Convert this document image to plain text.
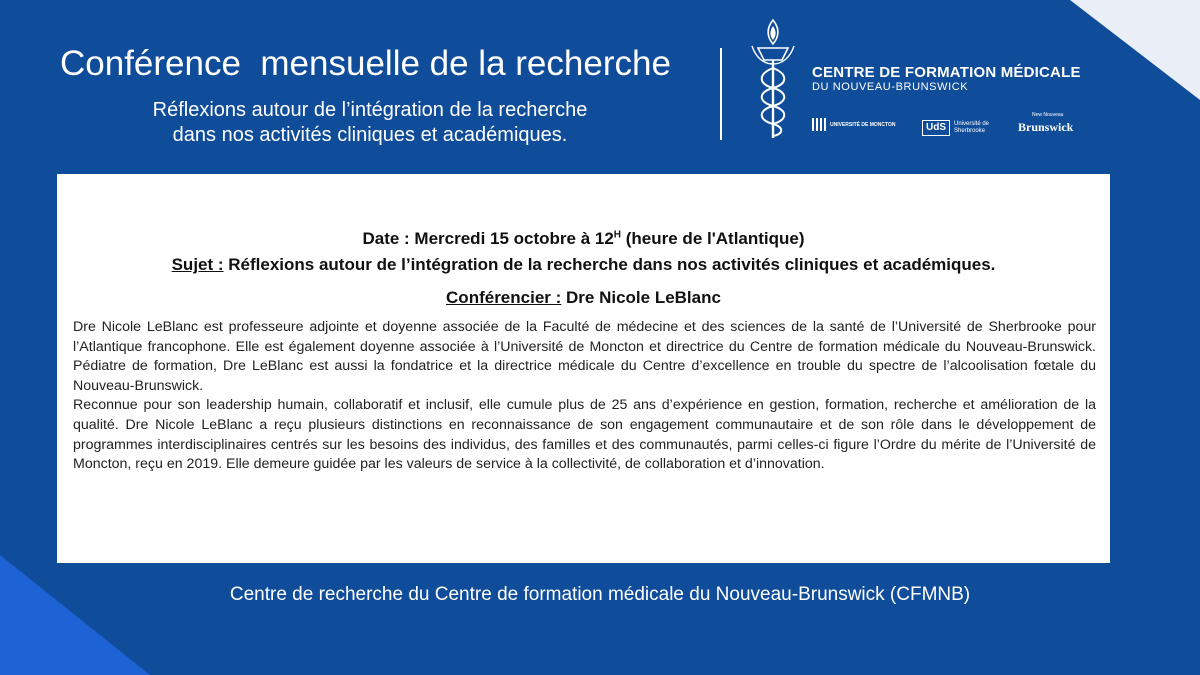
Conférence  mensuelle de la recherche
Réflexions autour de l’intégration de la recherche
dans nos activités cliniques et académiques.
CENTRE DE FORMATION MÉDICALE
DU NOUVEAU-BRUNSWICK
UNIVERSITÉ DE MONCTON	UdS	Université de
Sherbrooke
New Nouveau
Brunswick
Date : Mercredi 15 octobre à $12^H$ (heure de l'Atlantique)
Sujet : Réflexions autour de l’intégration de la recherche dans nos activités cliniques et académiques.
Conférencier : Dre Nicole LeBlanc

Dre Nicole LeBlanc est professeure adjointe et doyenne associée de la Faculté de médecine et des sciences de la santé de l’Université de Sherbrooke pour l’Atlantique francophone. Elle est également doyenne associée à l’Université de Moncton et directrice du Centre de formation médicale du Nouveau-Brunswick. Pédiatre de formation, Dre LeBlanc est aussi la fondatrice et la directrice médicale du Centre d’excellence en trouble du spectre de l’alcoolisation fœtale du Nouveau-Brunswick.

Reconnue pour son leadership humain, collaboratif et inclusif, elle cumule plus de 25 ans d’expérience en gestion, formation, recherche et amélioration de la qualité. Dre Nicole LeBlanc a reçu plusieurs distinctions en reconnaissance de son engagement communautaire et de son rôle dans le développement de programmes interdisciplinaires centrés sur les besoins des individus, des familles et des communautés, parmi celles-ci figure l’Ordre du mérite de l’Université de Moncton, reçu en 2019. Elle demeure guidée par les valeurs de service à la collectivité, de collaboration et d’innovation.

Centre de recherche du Centre de formation médicale du Nouveau-Brunswick (CFMNB)
